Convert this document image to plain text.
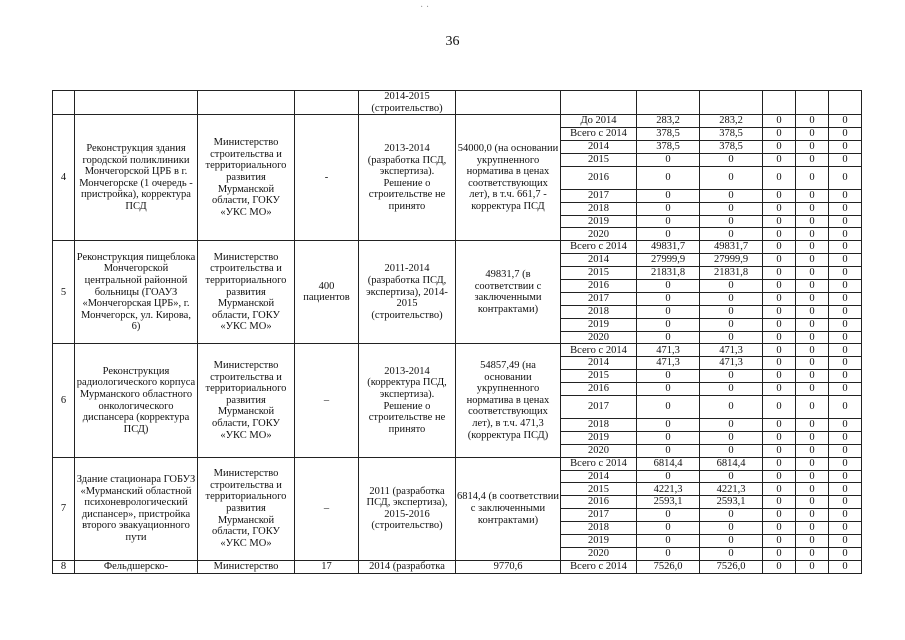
· ·
36
				2014-2015 (строительство)							
4	Реконструкция здания городской поликлиники Мончегорской ЦРБ в г. Мончегорске (1 очередь - пристройка), корректура ПСД	Министерство строительства и территориального развития Мурманской области, ГОКУ «УКС МО»	-	2013-2014 (разработка ПСД, экспертиза). Решение о строительстве не принято	54000,0 (на основании укрупненного норматива в ценах соответствующих лет), в т.ч. 661,7 - корректура ПСД	До 2014	283,2	283,2	0	0	0
						Всего с 2014	378,5	378,5	0	0	0
						2014	378,5	378,5	0	0	0
						2015	0	0	0	0	0
						2016	0	0	0	0	0
						2017	0	0	0	0	0
						2018	0	0	0	0	0
						2019	0	0	0	0	0
						2020	0	0	0	0	0
5	Реконструкция пищеблока Мончегорской центральной районной больницы (ГОАУЗ «Мончегорская ЦРБ», г. Мончегорск, ул. Кирова, 6)	Министерство строительства и территориального развития Мурманской области, ГОКУ «УКС МО»	400 пациентов	2011-2014 (разработка ПСД, экспертиза), 2014-2015 (строительство)	49831,7 (в соответствии с заключенными контрактами)	Всего с 2014	49831,7	49831,7	0	0	0
						2014	27999,9	27999,9	0	0	0
						2015	21831,8	21831,8	0	0	0
						2016	0	0	0	0	0
						2017	0	0	0	0	0
						2018	0	0	0	0	0
						2019	0	0	0	0	0
						2020	0	0	0	0	0
6	Реконструкция радиологического корпуса Мурманского областного онкологического диспансера (корректура ПСД)	Министерство строительства и территориального развития Мурманской области, ГОКУ «УКС МО»	–	2013-2014 (корректура ПСД, экспертиза). Решение о строительстве не принято	54857,49 (на основании укрупненного норматива в ценах соответствующих лет), в т.ч. 471,3 (корректура ПСД)	Всего с 2014	471,3	471,3	0	0	0
						2014	471,3	471,3	0	0	0
						2015	0	0	0	0	0
						2016	0	0	0	0	0
						2017	0	0	0	0	0
						2018	0	0	0	0	0
						2019	0	0	0	0	0
						2020	0	0	0	0	0
7	Здание стационара ГОБУЗ «Мурманский областной психоневрологический диспансер», пристройка второго эвакуационного пути	Министерство строительства и территориального развития Мурманской области, ГОКУ «УКС МО»	–	2011 (разработка ПСД, экспертиза), 2015-2016 (строительство)	6814,4 (в соответствии с заключенными контрактами)	Всего с 2014	6814,4	6814,4	0	0	0
						2014	0	0	0	0	0
						2015	4221,3	4221,3	0	0	0
						2016	2593,1	2593,1	0	0	0
						2017	0	0	0	0	0
						2018	0	0	0	0	0
						2019	0	0	0	0	0
						2020	0	0	0	0	0
8	Фельдшерско-	Министерство	17	2014 (разработка	9770,6	Всего с 2014	7526,0	7526,0	0	0	0
